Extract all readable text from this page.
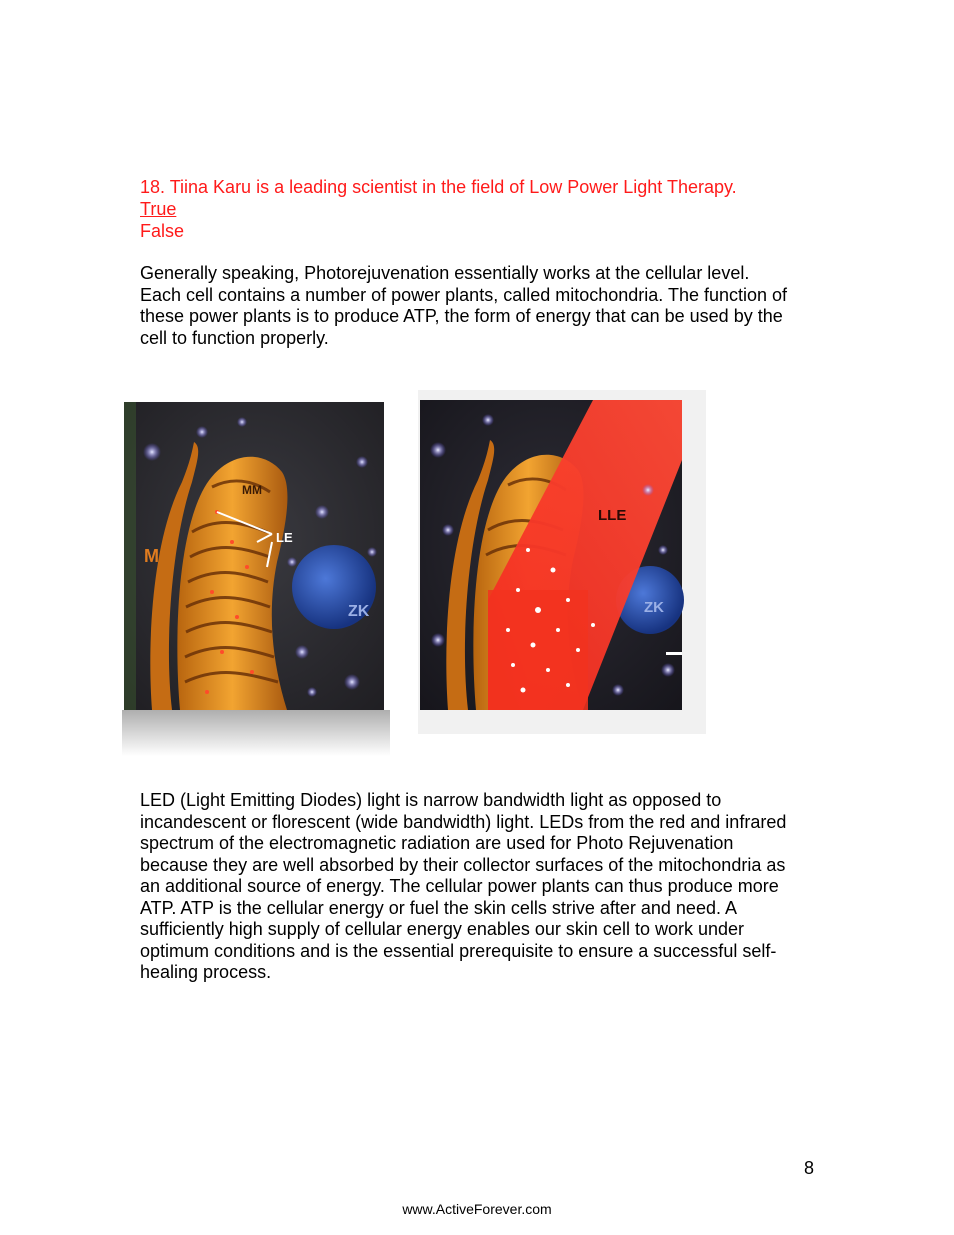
18. Tiina Karu is a leading scientist in the field of Low Power Light Therapy.
True
False
Generally speaking, Photorejuvenation essentially works at the cellular level.
Each cell contains a number of power plants, called mitochondria. The function of
these power plants is to produce ATP, the form of energy that can be used by the
cell to function properly.
M
MM
LE
ZK
LLE
ZK
LED (Light Emitting Diodes) light is narrow bandwidth light as opposed to
incandescent or florescent (wide bandwidth) light. LEDs from the red and infrared
spectrum of the electromagnetic radiation are used for Photo Rejuvenation
because they are well absorbed by their collector surfaces of the mitochondria as
an additional source of energy. The cellular power plants can thus produce more
ATP. ATP is the cellular energy or fuel the skin cells strive after and need. A
sufficiently high supply of cellular energy enables our skin cell to work under
optimum conditions and is the essential prerequisite to ensure a successful self-
healing process.
8
www.ActiveForever.com
